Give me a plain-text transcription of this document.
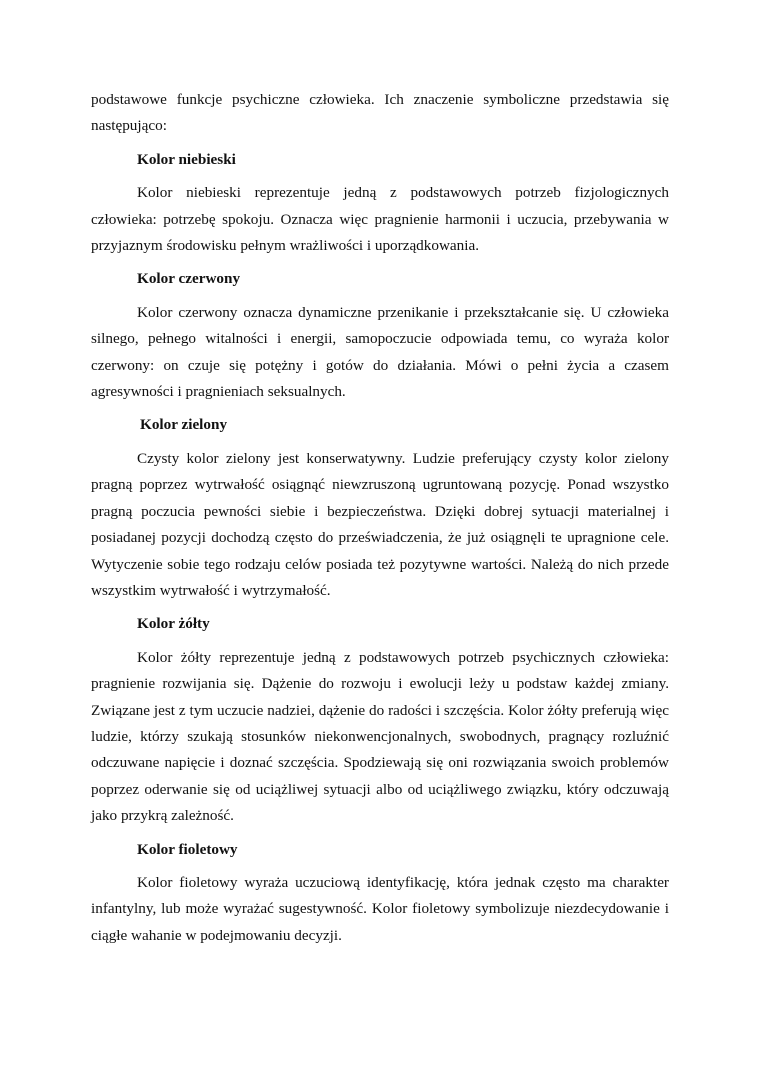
podstawowe funkcje psychiczne człowieka. Ich znaczenie symboliczne przedstawia się następująco:

Kolor niebieski

Kolor niebieski reprezentuje jedną z podstawowych potrzeb fizjologicznych człowieka: potrzebę spokoju. Oznacza więc pragnienie harmonii i uczucia, przebywania w przyjaznym środowisku pełnym wrażliwości i uporządkowania.

Kolor czerwony

Kolor czerwony oznacza dynamiczne przenikanie i przekształcanie się. U człowieka silnego, pełnego witalności i energii, samopoczucie odpowiada temu, co wyraża kolor czerwony: on czuje się potężny i gotów do działania. Mówi o pełni życia a czasem agresywności i pragnieniach seksualnych.

Kolor zielony

Czysty kolor zielony jest konserwatywny. Ludzie preferujący czysty kolor zielony pragną poprzez wytrwałość osiągnąć niewzruszoną ugruntowaną pozycję. Ponad wszystko pragną poczucia pewności siebie i bezpieczeństwa. Dzięki dobrej sytuacji materialnej i posiadanej pozycji dochodzą często do przeświadczenia, że już osiągnęli te upragnione cele. Wytyczenie sobie tego rodzaju celów posiada też pozytywne wartości. Należą do nich przede wszystkim wytrwałość i wytrzymałość.

Kolor żółty

Kolor żółty reprezentuje jedną z podstawowych potrzeb psychicznych człowieka: pragnienie rozwijania się. Dążenie do rozwoju i ewolucji leży u podstaw każdej zmiany. Związane jest z tym uczucie nadziei, dążenie do radości i szczęścia. Kolor żółty preferują więc ludzie, którzy szukają stosunków niekonwencjonalnych, swobodnych, pragnący rozluźnić odczuwane napięcie i doznać szczęścia. Spodziewają się oni rozwiązania swoich problemów poprzez oderwanie się od uciążliwej sytuacji albo od uciążliwego związku, który odczuwają jako przykrą zależność.

Kolor fioletowy

Kolor fioletowy wyraża uczuciową identyfikację, która jednak często ma charakter infantylny, lub może wyrażać sugestywność. Kolor fioletowy symbolizuje niezdecydowanie i ciągłe wahanie w podejmowaniu decyzji.
